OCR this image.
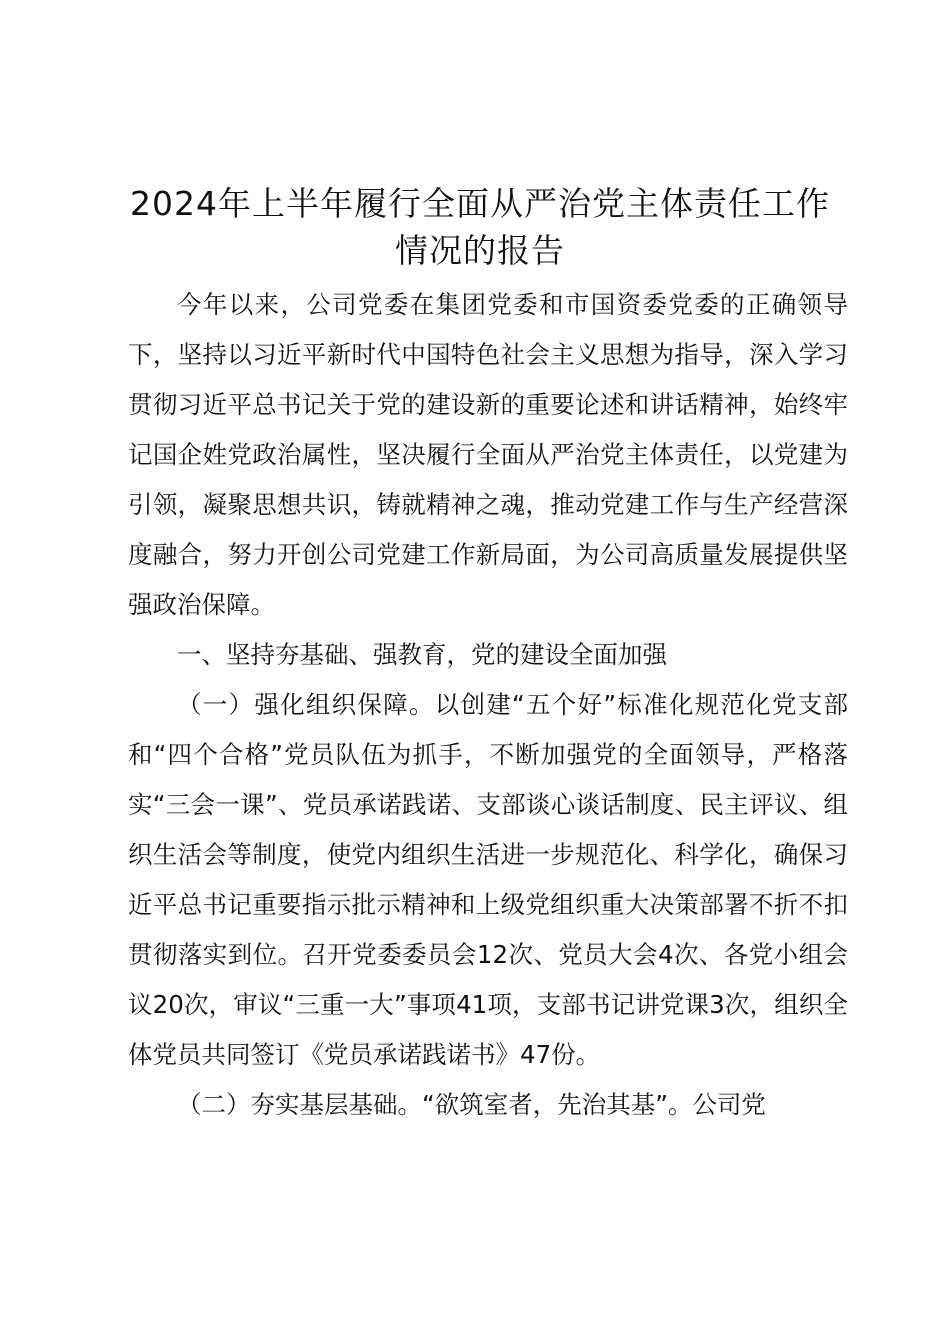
2024年上半年履行全面从严治党主体责任工作情况的报告

今年以来，公司党委在集团党委和市国资委党委的正确领导下，坚持以习近平新时代中国特色社会主义思想为指导，深入学习贯彻习近平总书记关于党的建设新的重要论述和讲话精神，始终牢记国企姓党政治属性，坚决履行全面从严治党主体责任，以党建为引领，凝聚思想共识，铸就精神之魂，推动党建工作与生产经营深度融合，努力开创公司党建工作新局面，为公司高质量发展提供坚强政治保障。

一、坚持夯基础、强教育，党的建设全面加强

（一）强化组织保障。以创建“五个好”标准化规范化党支部和“四个合格”党员队伍为抓手，不断加强党的全面领导，严格落实“三会一课”、党员承诺践诺、支部谈心谈话制度、民主评议、组织生活会等制度，使党内组织生活进一步规范化、科学化，确保习近平总书记重要指示批示精神和上级党组织重大决策部署不折不扣贯彻落实到位。召开党委委员会12次、党员大会4次、各党小组会议20次，审议“三重一大”事项41项，支部书记讲党课3次，组织全体党员共同签订《党员承诺践诺书》47份。

（二）夯实基层基础。“欲筑室者，先治其基”。公司党
